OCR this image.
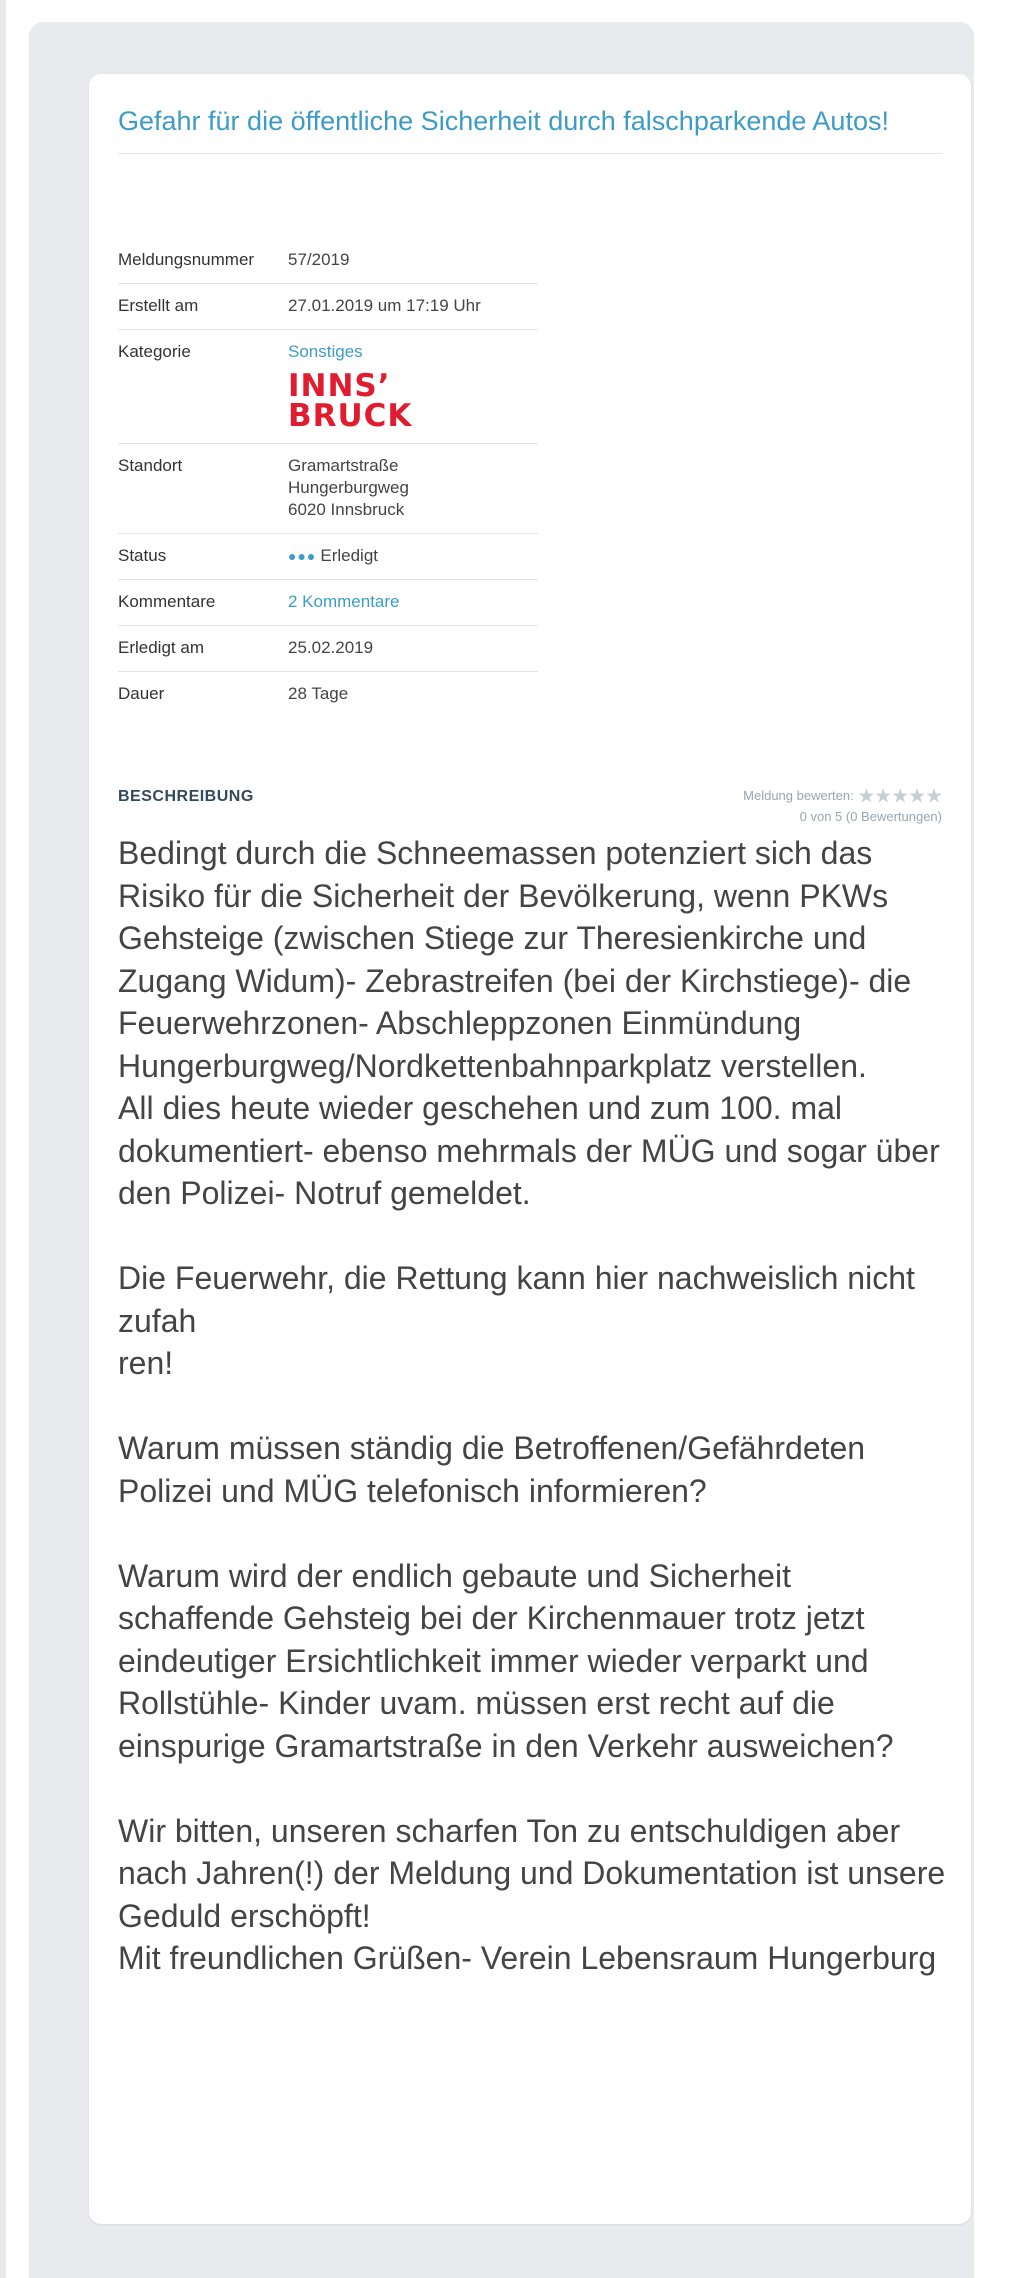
Gefahr für die öffentliche Sicherheit durch falschparkende Autos!
Meldungsnummer	57/2019
Erstellt am	27.01.2019 um 17:19 Uhr
Kategorie	Sonstiges
INNS’
BRUCK

Standort	Gramartstraße
Hungerburgweg
6020 Innsbruck

Status	●●● Erledigt
Kommentare	2 Kommentare
Erledigt am	25.02.2019
Dauer	28 Tage
BESCHREIBUNG	Meldung bewerten: ★★★★★
0 von 5 (0 Bewertungen)
Bedingt durch die Schneemassen potenziert sich das Risiko für die Sicherheit der Bevölkerung, wenn PKWs Gehsteige (zwischen Stiege zur Theresienkirche und Zugang Widum)- Zebrastreifen (bei der Kirchstiege)- die Feuerwehrzonen- Abschleppzonen Einmündung Hungerburgweg/Nordkettenbahnparkplatz verstellen.
All dies heute wieder geschehen und zum 100. mal dokumentiert- ebenso mehrmals der MÜG und sogar über den Polizei- Notruf gemeldet.

Die Feuerwehr, die Rettung kann hier nachweislich nicht zufah
ren!

Warum müssen ständig die Betroffenen/Gefährdeten Polizei und MÜG telefonisch informieren?

Warum wird der endlich gebaute und Sicherheit schaffende Gehsteig bei der Kirchenmauer trotz jetzt eindeutiger Ersichtlichkeit immer wieder verparkt und Rollstühle- Kinder uvam. müssen erst recht auf die einspurige Gramartstraße in den Verkehr ausweichen?

Wir bitten, unseren scharfen Ton zu entschuldigen aber nach Jahren(!) der Meldung und Dokumentation ist unsere Geduld erschöpft!
Mit freundlichen Grüßen- Verein Lebensraum Hungerburg
